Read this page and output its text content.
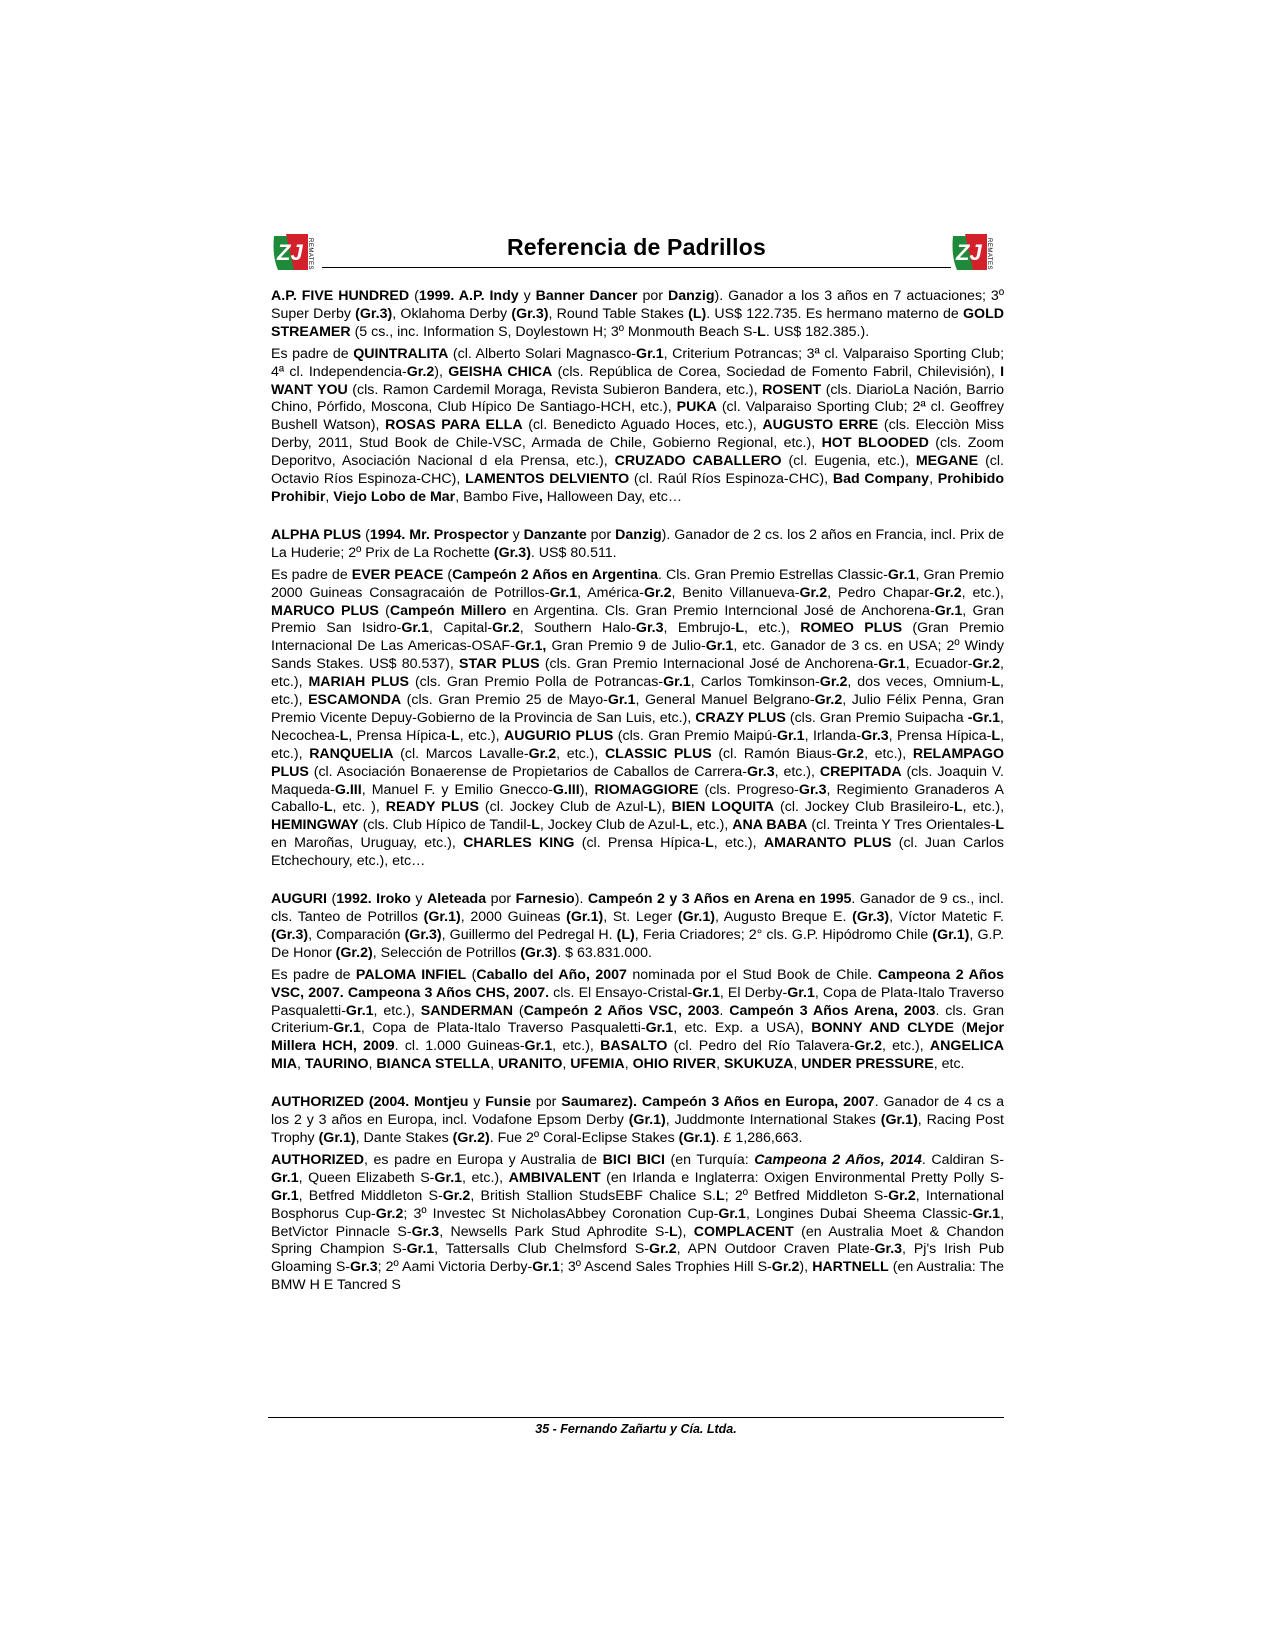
ZJ REMATES	Referencia de Padrillos	ZJ REMATES

A.P. FIVE HUNDRED (1999. A.P. Indy y Banner Dancer por Danzig). Ganador a los 3 años en 7 actuaciones; 3º Super Derby (Gr.3), Oklahoma Derby (Gr.3), Round Table Stakes (L). US$ 122.735. Es hermano materno de GOLD STREAMER (5 cs., inc. Information S, Doylestown H; 3º Monmouth Beach S-L. US$ 182.385.).

Es padre de QUINTRALITA (cl. Alberto Solari Magnasco-Gr.1, Criterium Potrancas; 3ª cl. Valparaiso Sporting Club; 4ª cl. Independencia-Gr.2), GEISHA CHICA (cls. República de Corea, Sociedad de Fomento Fabril, Chilevisión), I WANT YOU (cls. Ramon Cardemil Moraga, Revista Subieron Bandera, etc.), ROSENT (cls. DiarioLa Nación, Barrio Chino, Pórfido, Moscona, Club Hípico De Santiago-HCH, etc.), PUKA (cl. Valparaiso Sporting Club; 2ª cl. Geoffrey Bushell Watson), ROSAS PARA ELLA (cl. Benedicto Aguado Hoces, etc.), AUGUSTO ERRE (cls. Elecciòn Miss Derby, 2011, Stud Book de Chile-VSC, Armada de Chile, Gobierno Regional, etc.), HOT BLOODED (cls. Zoom Deporitvo, Asociación Nacional d ela Prensa, etc.), CRUZADO CABALLERO (cl. Eugenia, etc.), MEGANE (cl. Octavio Ríos Espinoza-CHC), LAMENTOS DELVIENTO (cl. Raúl Ríos Espinoza-CHC), Bad Company, Prohibido Prohibir, Viejo Lobo de Mar, Bambo Five, Halloween Day, etc…

ALPHA PLUS (1994. Mr. Prospector y Danzante por Danzig). Ganador de 2 cs. los 2 años en Francia, incl. Prix de La Huderie; 2º Prix de La Rochette (Gr.3). US$ 80.511.

Es padre de EVER PEACE (Campeón 2 Años en Argentina. Cls. Gran Premio Estrellas Classic-Gr.1, Gran Premio 2000 Guineas Consagracaión de Potrillos-Gr.1, América-Gr.2, Benito Villanueva-Gr.2, Pedro Chapar-Gr.2, etc.), MARUCO PLUS (Campeón Millero en Argentina. Cls. Gran Premio Interncional José de Anchorena-Gr.1, Gran Premio San Isidro-Gr.1, Capital-Gr.2, Southern Halo-Gr.3, Embrujo-L, etc.), ROMEO PLUS (Gran Premio Internacional De Las Americas-OSAF-Gr.1, Gran Premio 9 de Julio-Gr.1, etc. Ganador de 3 cs. en USA; 2º Windy Sands Stakes. US$ 80.537), STAR PLUS (cls. Gran Premio Internacional José de Anchorena-Gr.1, Ecuador-Gr.2, etc.), MARIAH PLUS (cls. Gran Premio Polla de Potrancas-Gr.1, Carlos Tomkinson-Gr.2, dos veces, Omnium-L, etc.), ESCAMONDA (cls. Gran Premio 25 de Mayo-Gr.1, General Manuel Belgrano-Gr.2, Julio Félix Penna, Gran Premio Vicente Depuy-Gobierno de la Provincia de San Luis, etc.), CRAZY PLUS (cls. Gran Premio Suipacha -Gr.1, Necochea-L, Prensa Hípica-L, etc.), AUGURIO PLUS (cls. Gran Premio Maipú-Gr.1, Irlanda-Gr.3, Prensa Hípica-L, etc.), RANQUELIA (cl. Marcos Lavalle-Gr.2, etc.), CLASSIC PLUS (cl. Ramón Biaus-Gr.2, etc.), RELAMPAGO PLUS (cl. Asociación Bonaerense de Propietarios de Caballos de Carrera-Gr.3, etc.), CREPITADA (cls. Joaquin V. Maqueda-G.III, Manuel F. y Emilio Gnecco-G.III), RIOMAGGIORE (cls. Progreso-Gr.3, Regimiento Granaderos A Caballo-L, etc. ), READY PLUS (cl. Jockey Club de Azul-L), BIEN LOQUITA (cl. Jockey Club Brasileiro-L, etc.), HEMINGWAY (cls. Club Hípico de Tandil-L, Jockey Club de Azul-L, etc.), ANA BABA (cl. Treinta Y Tres Orientales-L en Maroñas, Uruguay, etc.), CHARLES KING (cl. Prensa Hípica-L, etc.), AMARANTO PLUS (cl. Juan Carlos Etchechoury, etc.), etc…

AUGURI (1992. Iroko y Aleteada por Farnesio). Campeón 2 y 3 Años en Arena en 1995. Ganador de 9 cs., incl. cls. Tanteo de Potrillos (Gr.1), 2000 Guineas (Gr.1), St. Leger (Gr.1), Augusto Breque E. (Gr.3), Víctor Matetic F. (Gr.3), Comparación (Gr.3), Guillermo del Pedregal H. (L), Feria Criadores; 2° cls. G.P. Hipódromo Chile (Gr.1), G.P. De Honor (Gr.2), Selección de Potrillos (Gr.3). $ 63.831.000.

Es padre de PALOMA INFIEL (Caballo del Año, 2007 nominada por el Stud Book de Chile. Campeona 2 Años VSC, 2007. Campeona 3 Años CHS, 2007. cls. El Ensayo-Cristal-Gr.1, El Derby-Gr.1, Copa de Plata-Italo Traverso Pasqualetti-Gr.1, etc.), SANDERMAN (Campeón 2 Años VSC, 2003. Campeón 3 Años Arena, 2003. cls. Gran Criterium-Gr.1, Copa de Plata-Italo Traverso Pasqualetti-Gr.1, etc. Exp. a USA), BONNY AND CLYDE (Mejor Millera HCH, 2009. cl. 1.000 Guineas-Gr.1, etc.), BASALTO (cl. Pedro del Río Talavera-Gr.2, etc.), ANGELICA MIA, TAURINO, BIANCA STELLA, URANITO, UFEMIA, OHIO RIVER, SKUKUZA, UNDER PRESSURE, etc.

AUTHORIZED (2004. Montjeu y Funsie por Saumarez). Campeón 3 Años en Europa, 2007. Ganador de 4 cs a los 2 y 3 años en Europa, incl. Vodafone Epsom Derby (Gr.1), Juddmonte International Stakes (Gr.1), Racing Post Trophy (Gr.1), Dante Stakes (Gr.2). Fue 2º Coral-Eclipse Stakes (Gr.1). £ 1,286,663.

AUTHORIZED, es padre en Europa y Australia de BICI BICI (en Turquía: Campeona 2 Años, 2014. Caldiran S-Gr.1, Queen Elizabeth S-Gr.1, etc.), AMBIVALENT (en Irlanda e Inglaterra: Oxigen Environmental Pretty Polly S-Gr.1, Betfred Middleton S-Gr.2, British Stallion StudsEBF Chalice S.L; 2º Betfred Middleton S-Gr.2, International Bosphorus Cup-Gr.2; 3º Investec St NicholasAbbey Coronation Cup-Gr.1, Longines Dubai Sheema Classic-Gr.1, BetVictor Pinnacle S-Gr.3, Newsells Park Stud Aphrodite S-L), COMPLACENT (en Australia Moet & Chandon Spring Champion S-Gr.1, Tattersalls Club Chelmsford S-Gr.2, APN Outdoor Craven Plate-Gr.3, Pj's Irish Pub Gloaming S-Gr.3; 2º Aami Victoria Derby-Gr.1; 3º Ascend Sales Trophies Hill S-Gr.2), HARTNELL (en Australia: The BMW H E Tancred S

35 - Fernando Zañartu y Cía. Ltda.
